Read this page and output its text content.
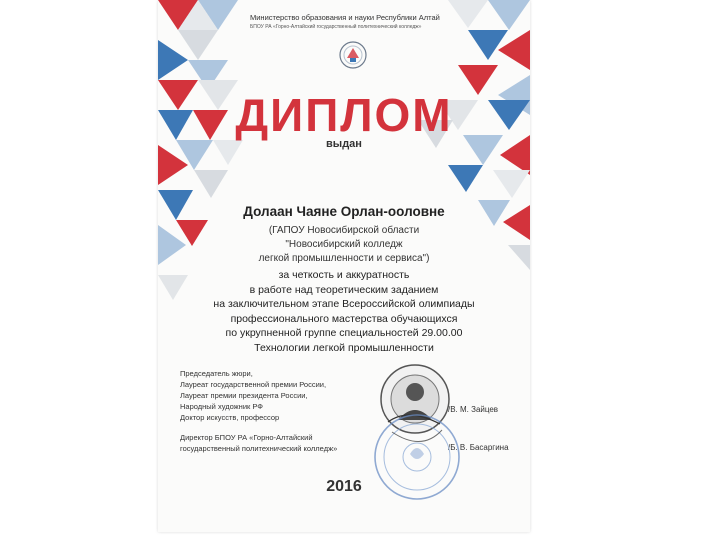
Министерство образования и науки Республики Алтай
БПОУ РА «Горно-Алтайский государственный политехнический колледж»
ДИПЛОМ
выдан
Долаан Чаяне Орлан-ооловне
(ГАПОУ Новосибирской области
"Новосибирский колледж
легкой промышленности и сервиса")
за четкость и аккуратность
в работе над теоретическим заданием
на заключительном этапе Всероссийской олимпиады
профессионального мастерства обучающихся
по укрупненной группе специальностей 29.00.00
Технологии легкой промышленности
Председатель жюри,
Лауреат государственной премии России,
Лауреат премии президента России,
Народный художник РФ
Доктор искусств, профессор
/В. М. Зайцев
Директор БПОУ РА «Горно-Алтайский
государственный политехнический колледж»	/Б. В. Басаргина
2016
